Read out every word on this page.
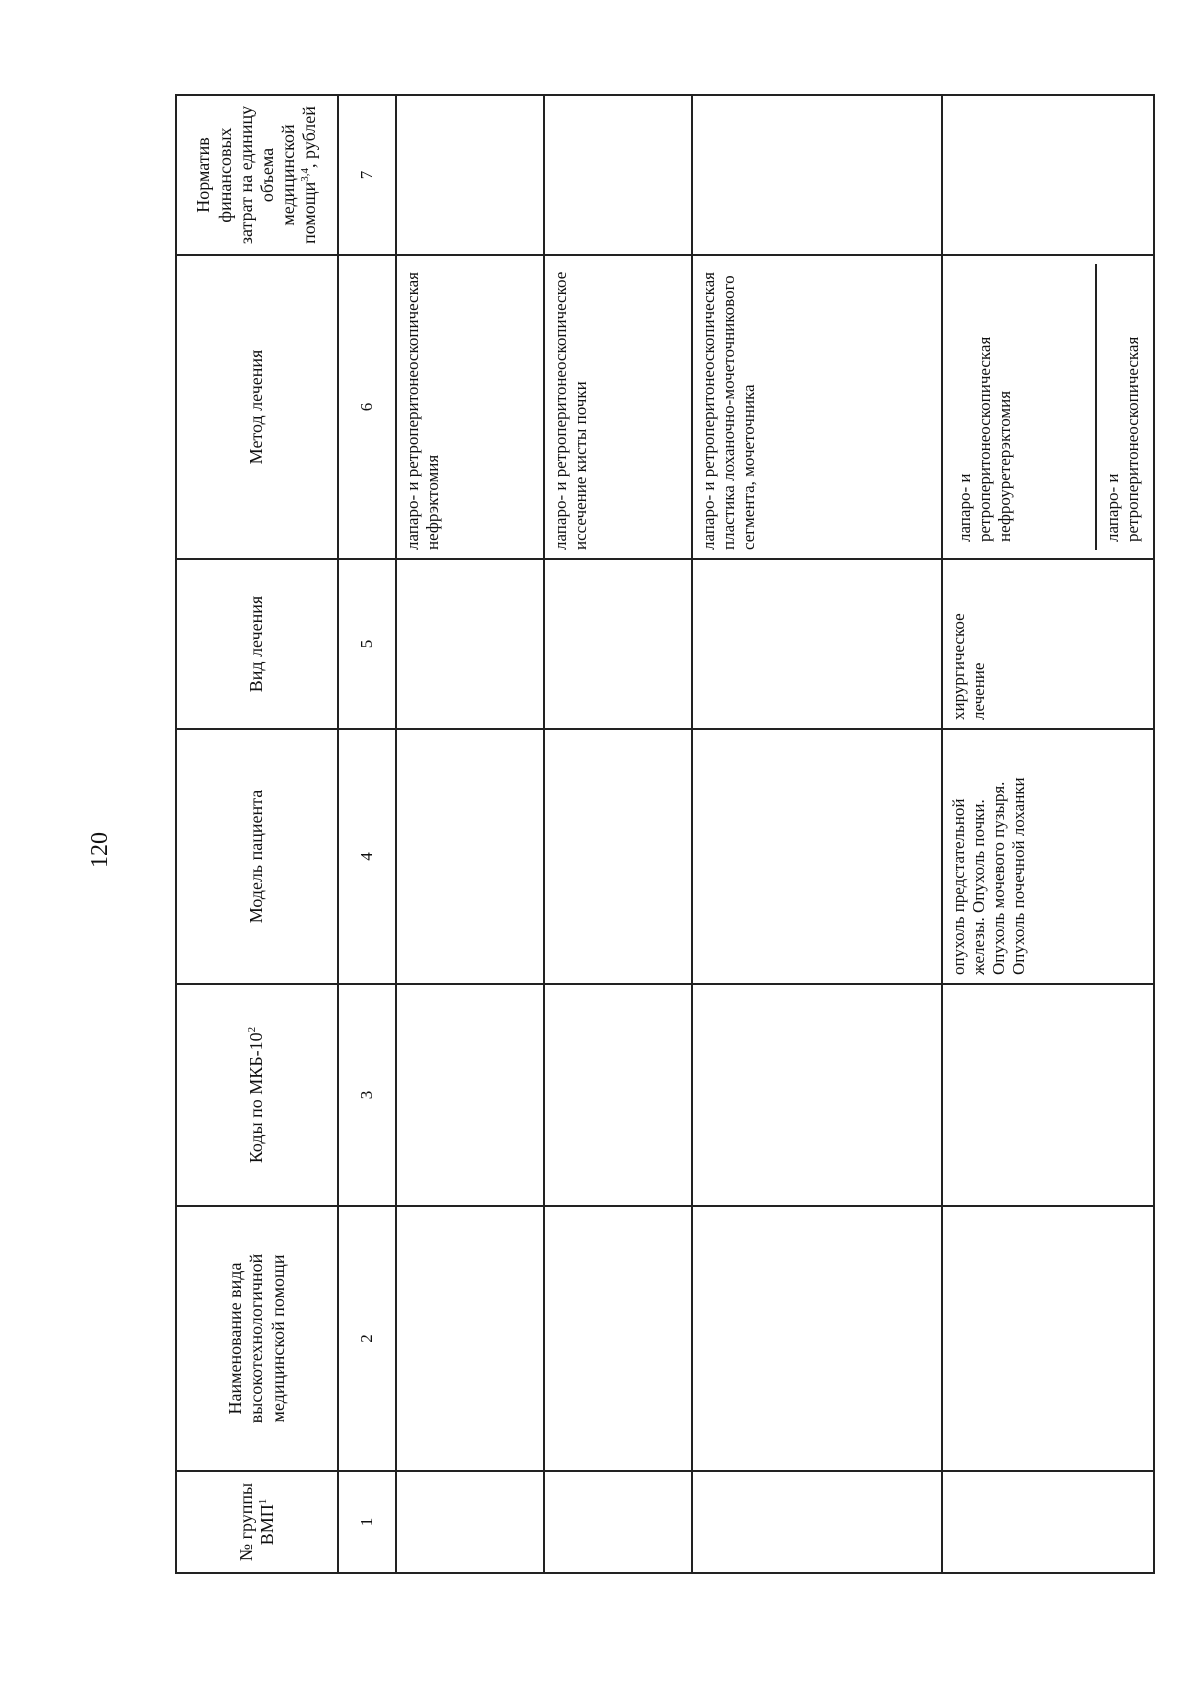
120
№ группы ВМП$^1$	Наименование вида высокотехнологичной медицинской помощи	Коды по МКБ-$10^2$	Модель пациента	Вид лечения	Метод лечения	Норматив финансовых затрат на единицу объема медицинской помощи$^{3,4}$, рублей
1	2	3	4	5	6	7
					лапаро- и ретроперитонеоскопическая нефрэктомия	
					лапаро- и ретроперитонеоскопическое иссечение кисты почки	
					лапаро- и ретроперитонеоскопическая пластика лоханочно-мочеточникового сегмента, мочеточника	
			опухоль предстательной железы. Опухоль почки. Опухоль мочевого пузыря. Опухоль почечной лоханки	хирургическое лечение	лапаро- и ретроперитонеоскопическая нефроуретерэктомия лапаро- и ретроперитонеоскопическая	
